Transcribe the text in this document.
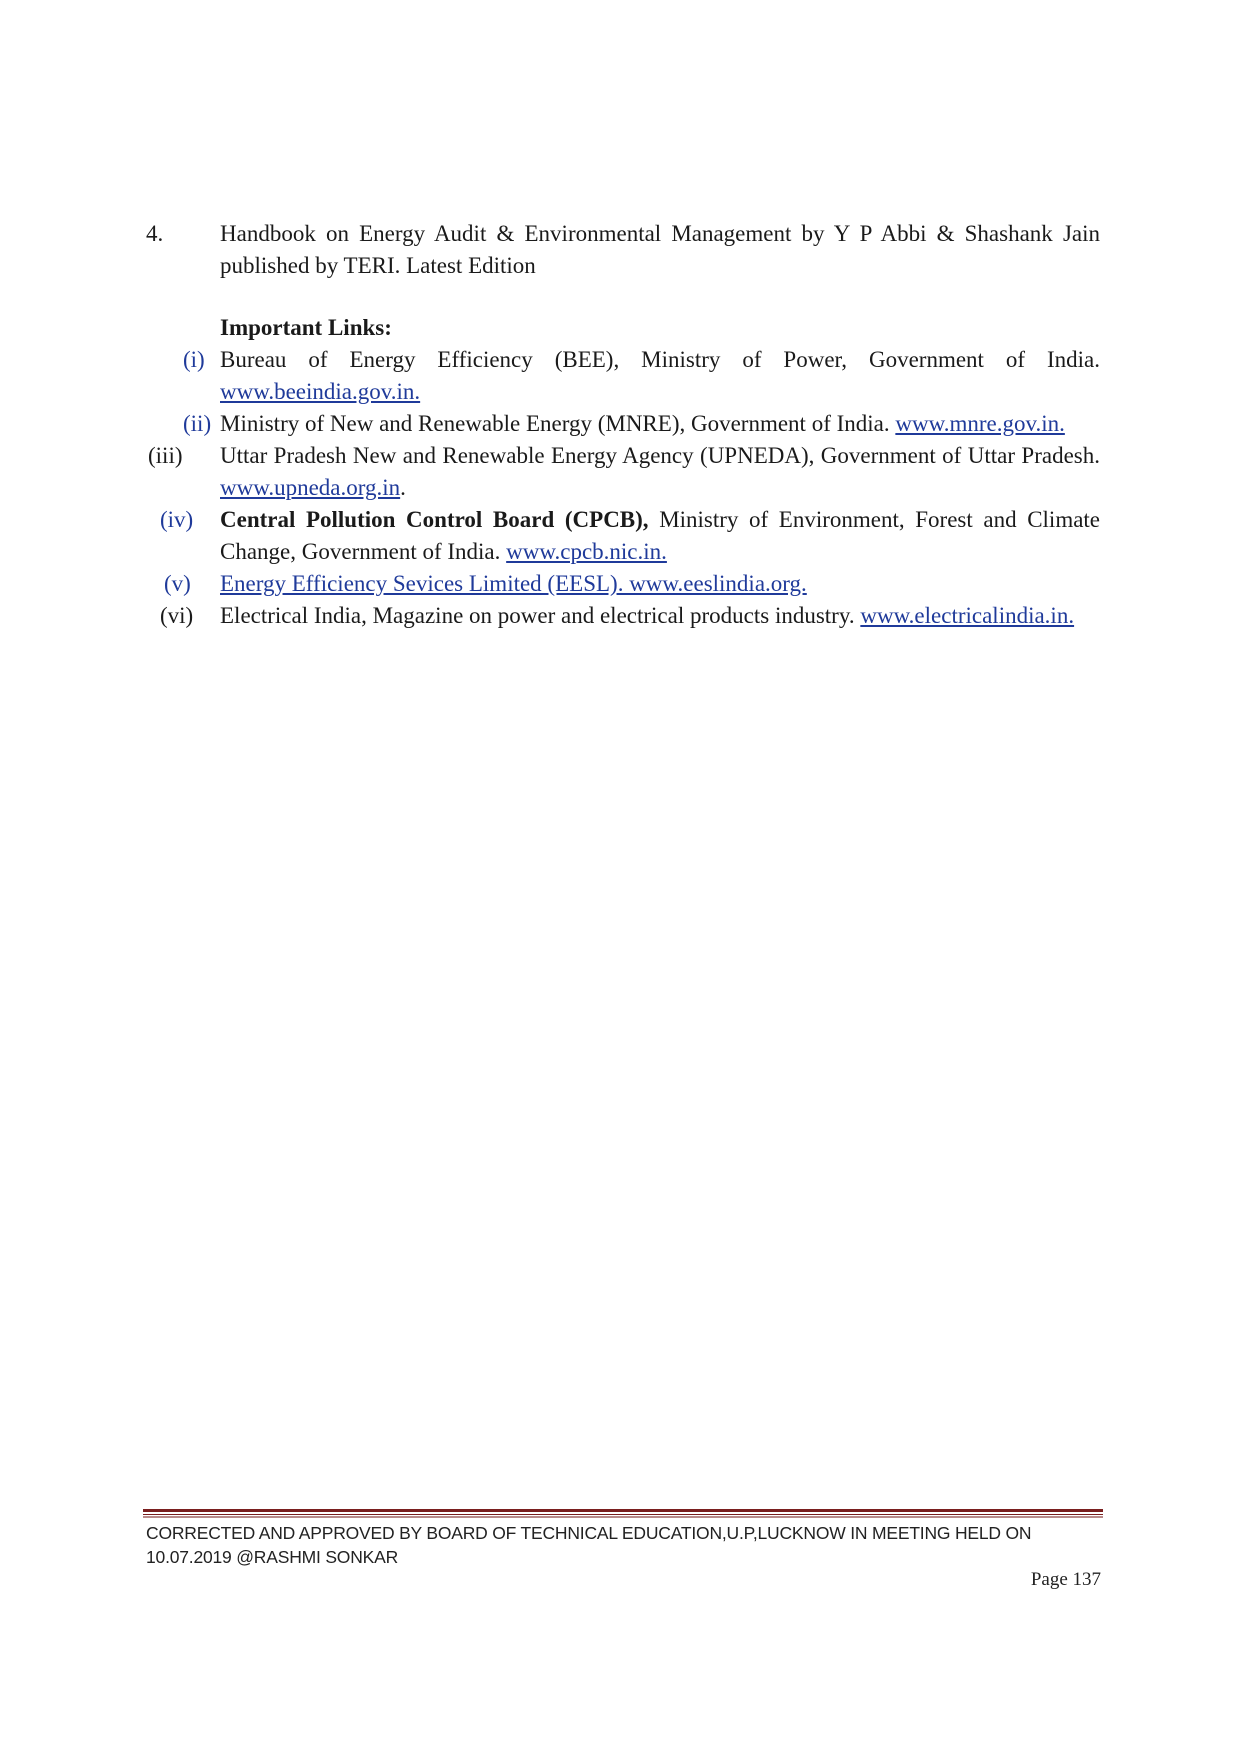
4. Handbook on Energy Audit & Environmental Management by Y P Abbi & Shashank Jain published by TERI. Latest Edition
Important Links:
(i) Bureau of Energy Efficiency (BEE), Ministry of Power, Government of India. www.beeindia.gov.in.
(ii) Ministry of New and Renewable Energy (MNRE), Government of India. www.mnre.gov.in.
(iii) Uttar Pradesh New and Renewable Energy Agency (UPNEDA), Government of Uttar Pradesh. www.upneda.org.in.
(iv) Central Pollution Control Board (CPCB), Ministry of Environment, Forest and Climate Change, Government of India. www.cpcb.nic.in.
(v) Energy Efficiency Sevices Limited (EESL). www.eeslindia.org.
(vi) Electrical India, Magazine on power and electrical products industry. www.electricalindia.in.
CORRECTED AND APPROVED BY BOARD OF TECHNICAL EDUCATION,U.P,LUCKNOW IN MEETING HELD ON 10.07.2019 @RASHMI SONKAR
Page 137
